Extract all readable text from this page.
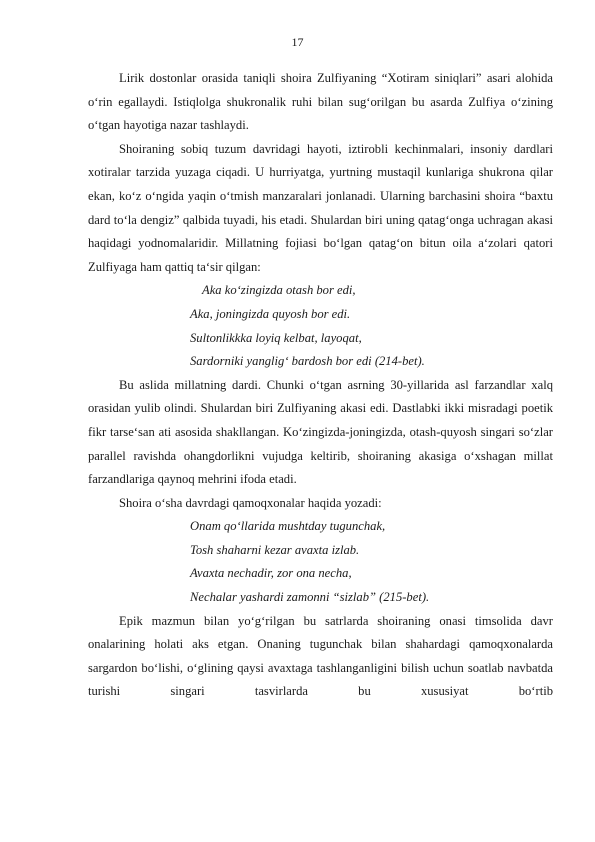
17

Lirik dostonlar orasida taniqli shoira Zulfiyaning “Xotiram siniqlari” asari alohida o‘rin egallaydi. Istiqlolga shukronalik ruhi bilan sug‘orilgan bu asarda Zulfiya o‘zining o‘tgan hayotiga nazar tashlaydi.

Shoiraning sobiq tuzum davridagi hayoti, iztirobli kechinmalari, insoniy dardlari xotiralar tarzida yuzaga ciqadi. U hurriyatga, yurtning mustaqil kunlariga shukrona qilar ekan, ko‘z o‘ngida yaqin o‘tmish manzaralari jonlanadi. Ularning barchasini shoira “baxtu dard to‘la dengiz” qalbida tuyadi, his etadi. Shulardan biri uning qatag‘onga uchragan akasi haqidagi yodnomalaridir. Millatning fojiasi bo‘lgan qatag‘on bitun oila a‘zolari qatori Zulfiyaga ham qattiq ta‘sir qilgan:

Aka ko‘zingizda otash bor edi,

Aka, joningizda quyosh bor edi.

Sultonlikkka loyiq kelbat, layoqat,

Sardorniki yanglig‘ bardosh bor edi (214-bet).

Bu aslida millatning dardi. Chunki o‘tgan asrning 30-yillarida asl farzandlar xalq orasidan yulib olindi. Shulardan biri Zulfiyaning akasi edi. Dastlabki ikki misradagi poetik fikr tarse‘san ati asosida shakllangan. Ko‘zingizda-joningizda, otash-quyosh singari so‘zlar parallel ravishda ohangdorlikni vujudga keltirib, shoiraning akasiga o‘xshagan millat farzandlariga qaynoq mehrini ifoda etadi.

Shoira o‘sha davrdagi qamoqxonalar haqida yozadi:

Onam qo‘llarida mushtday tugunchak,

Tosh shaharni kezar avaxta izlab.

Avaxta nechadir, zor ona necha,

Nechalar yashardi zamonni “sizlab” (215-bet).

Epik mazmun bilan yo‘g‘rilgan bu satrlarda shoiraning onasi timsolida davr onalarining holati aks etgan. Onaning tugunchak bilan shahardagi qamoqxonalarda sargardon bo‘lishi, o‘glining qaysi avaxtaga tashlanganligini bilish uchun soatlab navbatda turishi singari tasvirlarda bu xususiyat bo‘rtib
